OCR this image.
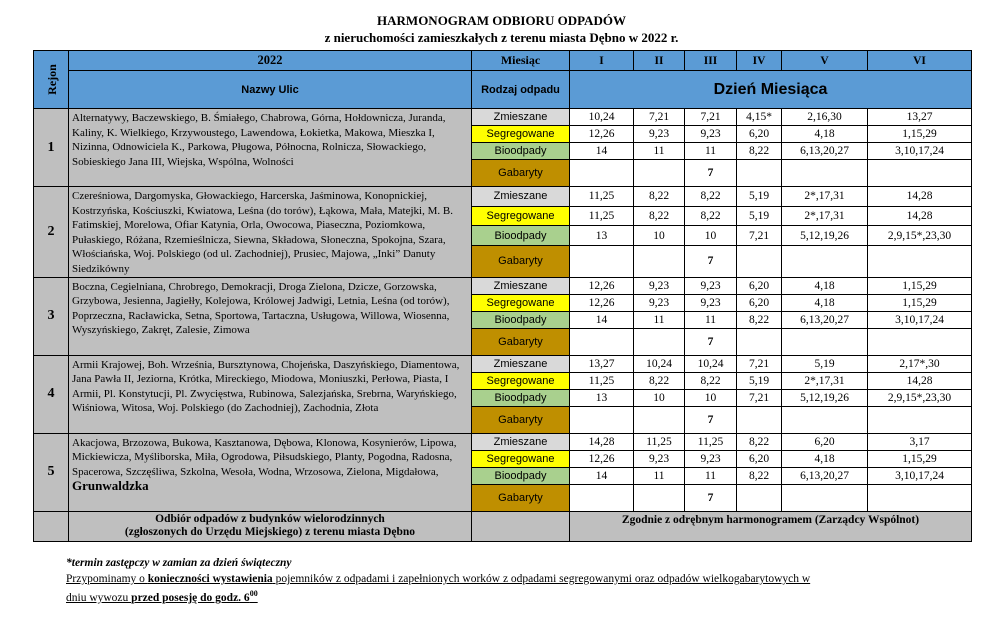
HARMONOGRAM ODBIORU ODPADÓW
z nieruchomości zamieszkałych z terenu miasta Dębno w 2022 r.
Rejon	2022	Miesiąc	I	II	III	IV	V	VI
	Nazwy Ulic	Rodzaj odpadu	Dzień Miesiąca					

1	Alternatywy, Baczewskiego, B. Śmiałego, Chabrowa, Górna, Hołdownicza, Juranda, Kaliny, K. Wielkiego, Krzywoustego, Lawendowa, Łokietka, Makowa, Mieszka I, Nizinna, Odnowiciela K., Parkowa, Pługowa, Północna, Rolnicza, Słowackiego, Sobieskiego Jana III, Wiejska, Wspólna, Wolności	Zmieszane	10,24	7,21	7,21	4,15*	2,16,30	13,27
		Segregowane	12,26	9,23	9,23	6,20	4,18	1,15,29
		Bioodpady	14	11	11	8,22	6,13,20,27	3,10,17,24
		Gabaryty			7			
2	Czereśniowa, Dargomyska, Głowackiego, Harcerska, Jaśminowa, Konopnickiej, Kostrzyńska, Kościuszki, Kwiatowa, Leśna (do torów), Łąkowa, Mała, Matejki, M. B. Fatimskiej, Morelowa, Ofiar Katynia, Orla, Owocowa, Piaseczna, Poziomkowa, Pułaskiego, Różana, Rzemieślnicza, Siewna, Składowa, Słoneczna, Spokojna, Szara, Włościańska, Woj. Polskiego (od ul. Zachodniej), Prusiec, Majowa, „Inki” Danuty Siedzikówny	Zmieszane	11,25	8,22	8,22	5,19	2*,17,31	14,28
		Segregowane	11,25	8,22	8,22	5,19	2*,17,31	14,28
		Bioodpady	13	10	10	7,21	5,12,19,26	2,9,15*,23,30
		Gabaryty			7			
3	Boczna, Cegielniana, Chrobrego, Demokracji, Droga Zielona, Dzicze, Gorzowska, Grzybowa, Jesienna, Jagiełły, Kolejowa, Królowej Jadwigi, Letnia, Leśna (od torów), Poprzeczna, Racławicka, Setna, Sportowa, Tartaczna, Usługowa, Willowa, Wiosenna, Wyszyńskiego, Zakręt, Zalesie, Zimowa	Zmieszane	12,26	9,23	9,23	6,20	4,18	1,15,29
		Segregowane	12,26	9,23	9,23	6,20	4,18	1,15,29
		Bioodpady	14	11	11	8,22	6,13,20,27	3,10,17,24
		Gabaryty			7			
4	Armii Krajowej, Boh. Września, Bursztynowa, Chojeńska, Daszyńskiego, Diamentowa, Jana Pawła II, Jeziorna, Krótka, Mireckiego, Miodowa, Moniuszki, Perłowa, Piasta, I Armii, Pl. Konstytucji, Pl. Zwycięstwa, Rubinowa, Salezjańska, Srebrna, Waryńskiego, Wiśniowa, Witosa, Woj. Polskiego (do Zachodniej), Zachodnia, Złota	Zmieszane	13,27	10,24	10,24	7,21	5,19	2,17*,30
		Segregowane	11,25	8,22	8,22	5,19	2*,17,31	14,28
		Bioodpady	13	10	10	7,21	5,12,19,26	2,9,15*,23,30
		Gabaryty			7			
5	Akacjowa, Brzozowa, Bukowa, Kasztanowa, Dębowa, Klonowa, Kosynierów, Lipowa, Mickiewicza, Myśliborska, Miła, Ogrodowa, Piłsudskiego, Planty, Pogodna, Radosna, Spacerowa, Szczęśliwa, Szkolna, Wesoła, Wodna, Wrzosowa, Zielona, Migdałowa, Grunwaldzka	Zmieszane	14,28	11,25	11,25	8,22	6,20	3,17
		Segregowane	12,26	9,23	9,23	6,20	4,18	1,15,29
		Bioodpady	14	11	11	8,22	6,13,20,27	3,10,17,24
		Gabaryty			7			

	Odbiór odpadów z budynków wielorodzinnych
(zgłoszonych do Urzędu Miejskiego) z terenu miasta Dębno		Zgodnie z odrębnym harmonogramem (Zarządcy Wspólnot)					
*termin zastępczy w zamian za dzień świąteczny
Przypominamy o konieczności wystawienia pojemników z odpadami i zapełnionych worków z odpadami segregowanymi oraz odpadów wielkogabarytowych w
dniu wywozu przed posesję do godz. $6^{00}$
